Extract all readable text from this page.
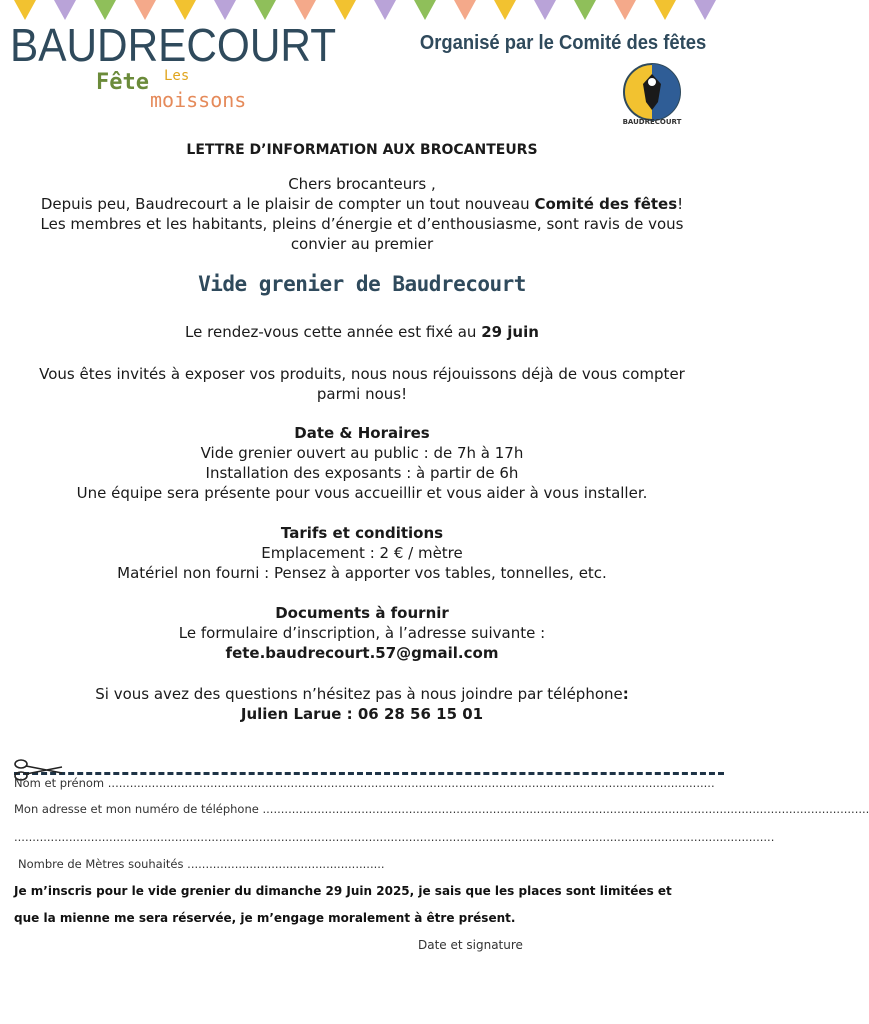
BAUDRECOURT
Fête Les
moissons
Organisé par le Comité des fêtes
BAUDRECOURT
LETTRE D’INFORMATION AUX BROCANTEURS
Chers brocanteurs ,
Depuis peu, Baudrecourt a le plaisir de compter un tout nouveau Comité des fêtes!
Les membres et les habitants, pleins d’énergie et d’enthousiasme, sont ravis de vous
convier au premier
Vide grenier de Baudrecourt
Le rendez-vous cette année est fixé au 29 juin
Vous êtes invités à exposer vos produits, nous nous réjouissons déjà de vous compter parmi nous!
Date & Horaires
Vide grenier ouvert au public : de 7h à 17h
Installation des exposants : à partir de 6h
Une équipe sera présente pour vous accueillir et vous aider à vous installer.
Tarifs et conditions
Emplacement : 2 € / mètre
Matériel non fourni : Pensez à apporter vos tables, tonnelles, etc.
Documents à fournir
Le formulaire d’inscription, à l’adresse suivante :
fete.baudrecourt.57@gmail.com
Si vous avez des questions n’hésitez pas à nous joindre par téléphone:
Julien Larue : 06 28 56 15 01
Nom et prénom ......................................................................................................................................................................
Mon adresse et mon numéro de téléphone ......................................................................................................................................................................
................................................................................................................................................................................................................
Nombre de Mètres souhaités ......................................................
Je m’inscris pour le vide grenier du dimanche 29 Juin 2025, je sais que les places sont limitées et
que la mienne me sera réservée, je m’engage moralement à être présent.
Date et signature
